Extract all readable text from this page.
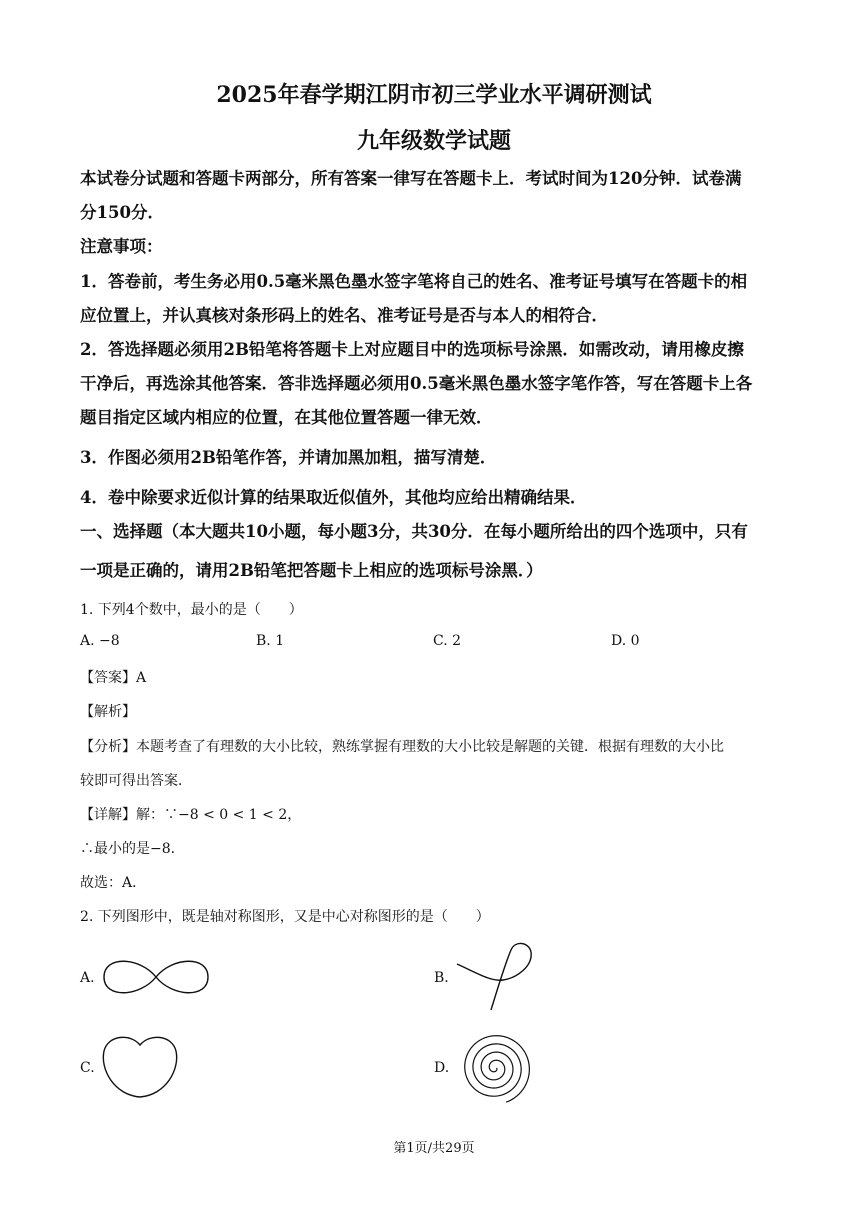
2025年春学期江阴市初三学业水平调研测试
九年级数学试题
本试卷分试题和答题卡两部分，所有答案一律写在答题卡上．考试时间为120分钟．试卷满
分150分．
注意事项：
1．答卷前，考生务必用0.5毫米黑色墨水签字笔将自己的姓名、准考证号填写在答题卡的相
应位置上，并认真核对条形码上的姓名、准考证号是否与本人的相符合．
2．答选择题必须用2B铅笔将答题卡上对应题目中的选项标号涂黑．如需改动，请用橡皮擦
干净后，再选涂其他答案．答非选择题必须用0.5毫米黑色墨水签字笔作答，写在答题卡上各
题目指定区域内相应的位置，在其他位置答题一律无效．
3．作图必须用2B铅笔作答，并请加黑加粗，描写清楚．
4．卷中除要求近似计算的结果取近似值外，其他均应给出精确结果．
一、选择题（本大题共10小题，每小题3分，共30分．在每小题所给出的四个选项中，只有
一项是正确的，请用2B铅笔把答题卡上相应的选项标号涂黑．）
1. 下列4个数中，最小的是（　　）
A. −8	B. 1	C. 2	D. 0
【答案】A
【解析】
【分析】本题考查了有理数的大小比较，熟练掌握有理数的大小比较是解题的关键．根据有理数的大小比
较即可得出答案．
【详解】解：∵−8 < 0 < 1 < 2，
∴最小的是−8．
故选：A．
2. 下列图形中，既是轴对称图形，又是中心对称图形的是（　　）
A.	B.
C.	D.
第1页/共29页
